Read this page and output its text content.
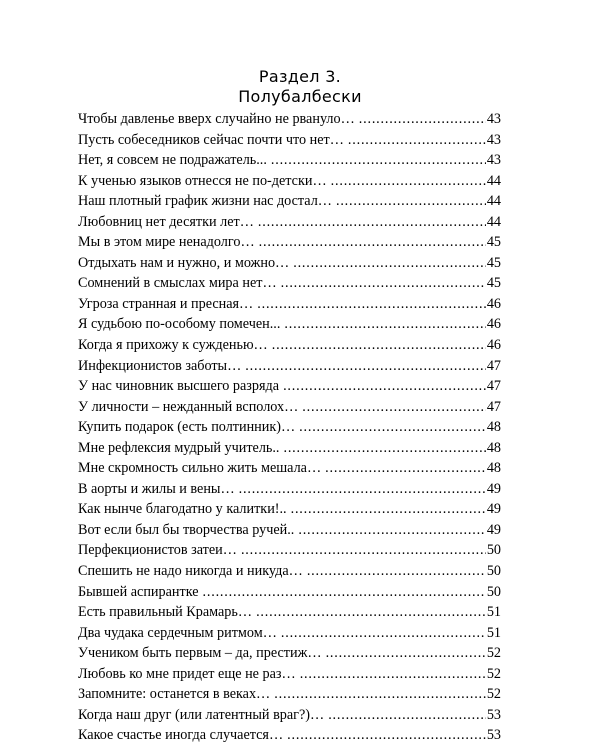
Раздел 3.
Полубалбески
Чтобы давленье вверх случайно не рвануло… .....	43
Пусть собеседников сейчас почти что нет… .....	43
Нет, я совсем не подражатель... .....	43
К ученью языков отнесся не по-детски… .....	44
Наш плотный график жизни нас достал… .....	44
Любовниц нет десятки лет… .....	44
Мы в этом мире ненадолго… .....	45
Отдыхать нам и нужно, и можно… .....	45
Сомнений в смыслах мира нет… .....	45
Угроза странная и пресная… .....	46
Я судьбою по-особому помечен... .....	46
Когда я прихожу к сужденью… .....	46
Инфекционистов заботы… .....	47
У нас чиновник высшего разряда .....	47
У личности – нежданный всполох… .....	47
Купить подарок (есть полтинник)… .....	48
Мне рефлексия мудрый учитель.. .....	48
Мне скромность сильно жить мешала… .....	48
В аорты и жилы и вены… .....	49
Как нынче благодатно у калитки!.. .....	49
Вот если был бы творчества ручей.. .....	49
Перфекционистов затеи… .....	50
Спешить не надо никогда и никуда… .....	50
Бывшей аспирантке .....	50
Есть правильный Крамарь… .....	51
Два чудака сердечным ритмом… .....	51
Учеником быть первым – да, престиж… .....	52
Любовь ко мне придет еще не раз… .....	52
Запомните: останется в веках… .....	52
Когда наш друг (или латентный враг?)… .....	53
Какое счастье иногда случается… .....	53
